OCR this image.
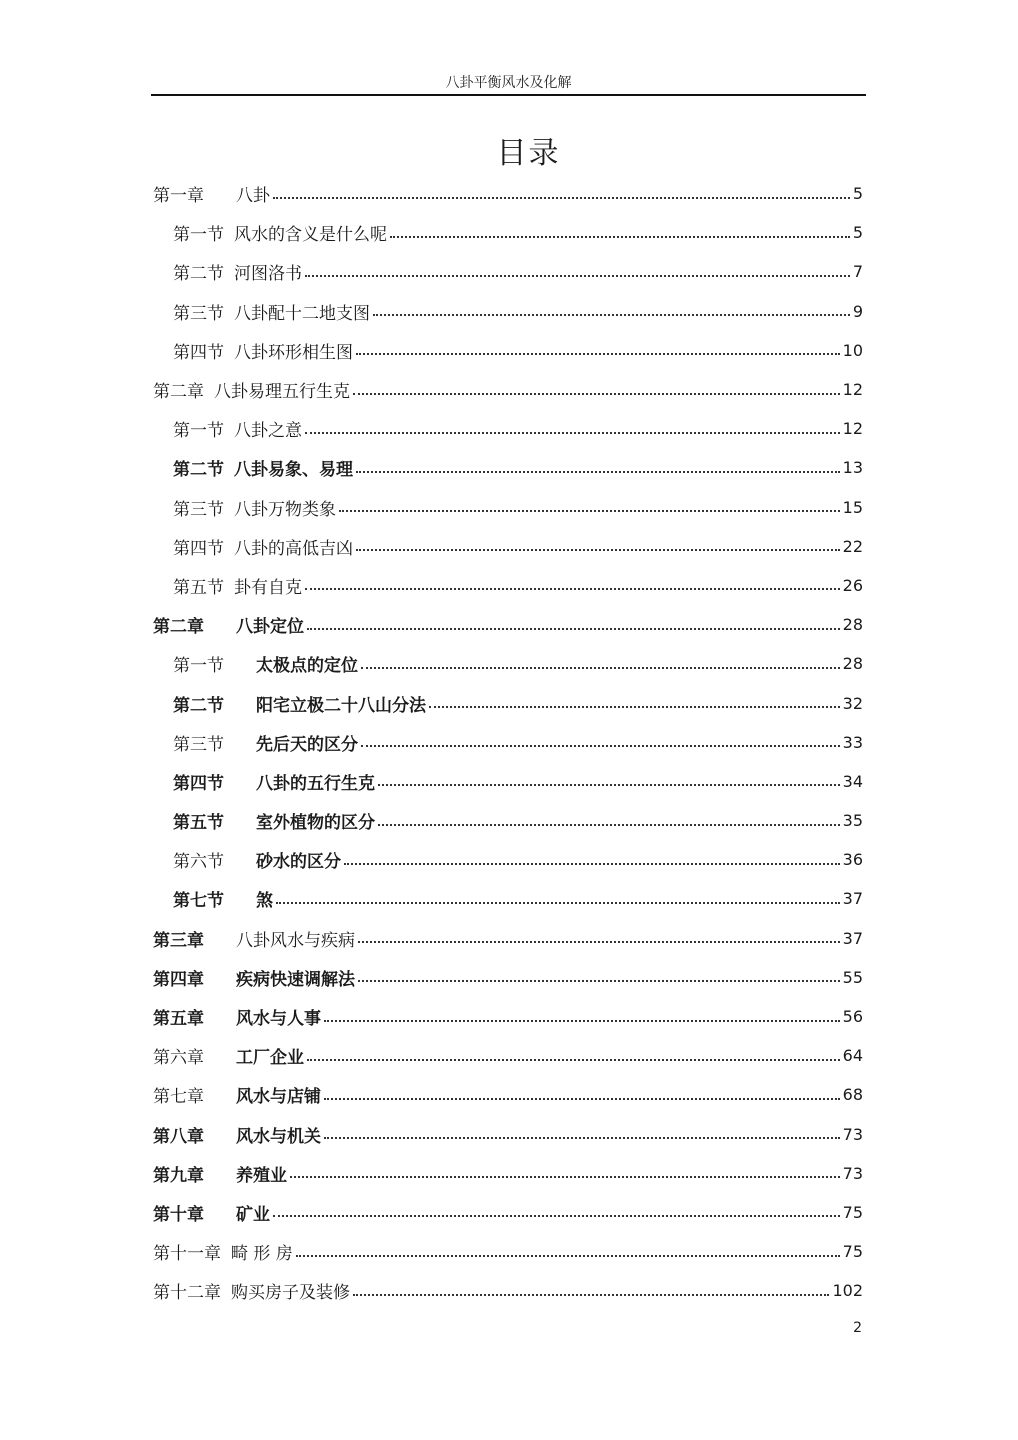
八卦平衡风水及化解
目录
第一章 八卦	5
第一节 风水的含义是什么呢	5
第二节 河图洛书	7
第三节 八卦配十二地支图	9
第四节 八卦环形相生图	10
第二章 八卦易理五行生克	12
第一节 八卦之意	12
第二节 八卦易象、易理	13
第三节 八卦万物类象	15
第四节 八卦的高低吉凶	22
第五节 卦有自克	26
第二章 八卦定位	28
第一节 太极点的定位	28
第二节 阳宅立极二十八山分法	32
第三节 先后天的区分	33
第四节 八卦的五行生克	34
第五节 室外植物的区分	35
第六节 砂水的区分	36
第七节 煞	37
第三章 八卦风水与疾病	37
第四章 疾病快速调解法	55
第五章 风水与人事	56
第六章 工厂企业	64
第七章 风水与店铺	68
第八章 风水与机关	73
第九章 养殖业	73
第十章 矿业	75
第十一章 畸 形 房	75
第十二章 购买房子及装修	102
2
